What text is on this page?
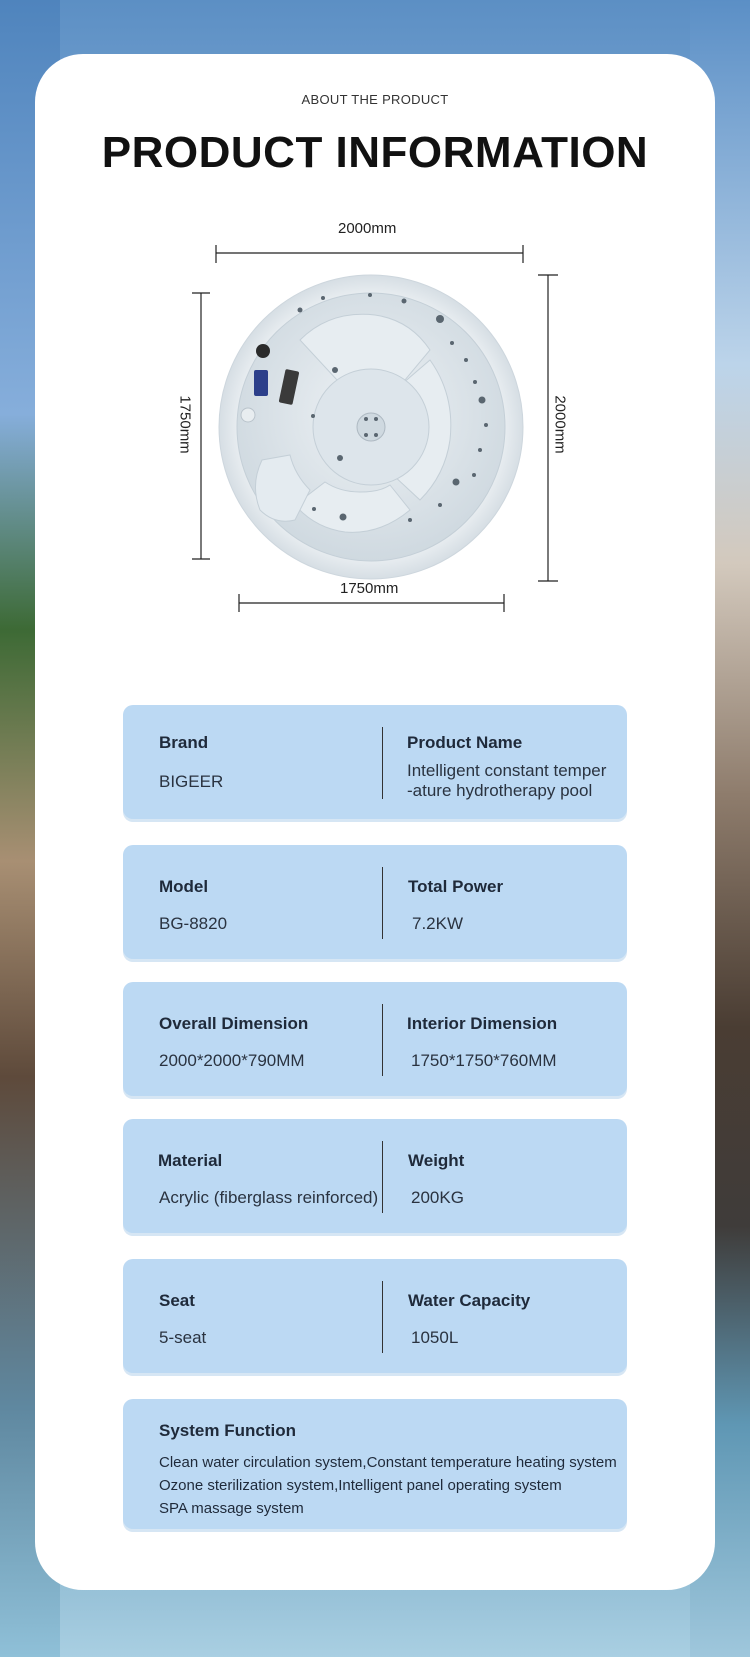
ABOUT THE PRODUCT
PRODUCT INFORMATION
2000mm
1750mm
1750mm	2000mm
Brand
BIGEER
Product Name
Intelligent constant temper
-ature hydrotherapy pool
Model
BG-8820
Total Power
7.2KW
Overall Dimension
2000*2000*790MM
Interior Dimension
1750*1750*760MM
Material
Acrylic (fiberglass reinforced)
Weight
200KG
Seat
5-seat
Water Capacity
1050L
System Function
Clean water circulation system,Constant temperature heating system
Ozone sterilization system,Intelligent panel operating system
SPA massage system
